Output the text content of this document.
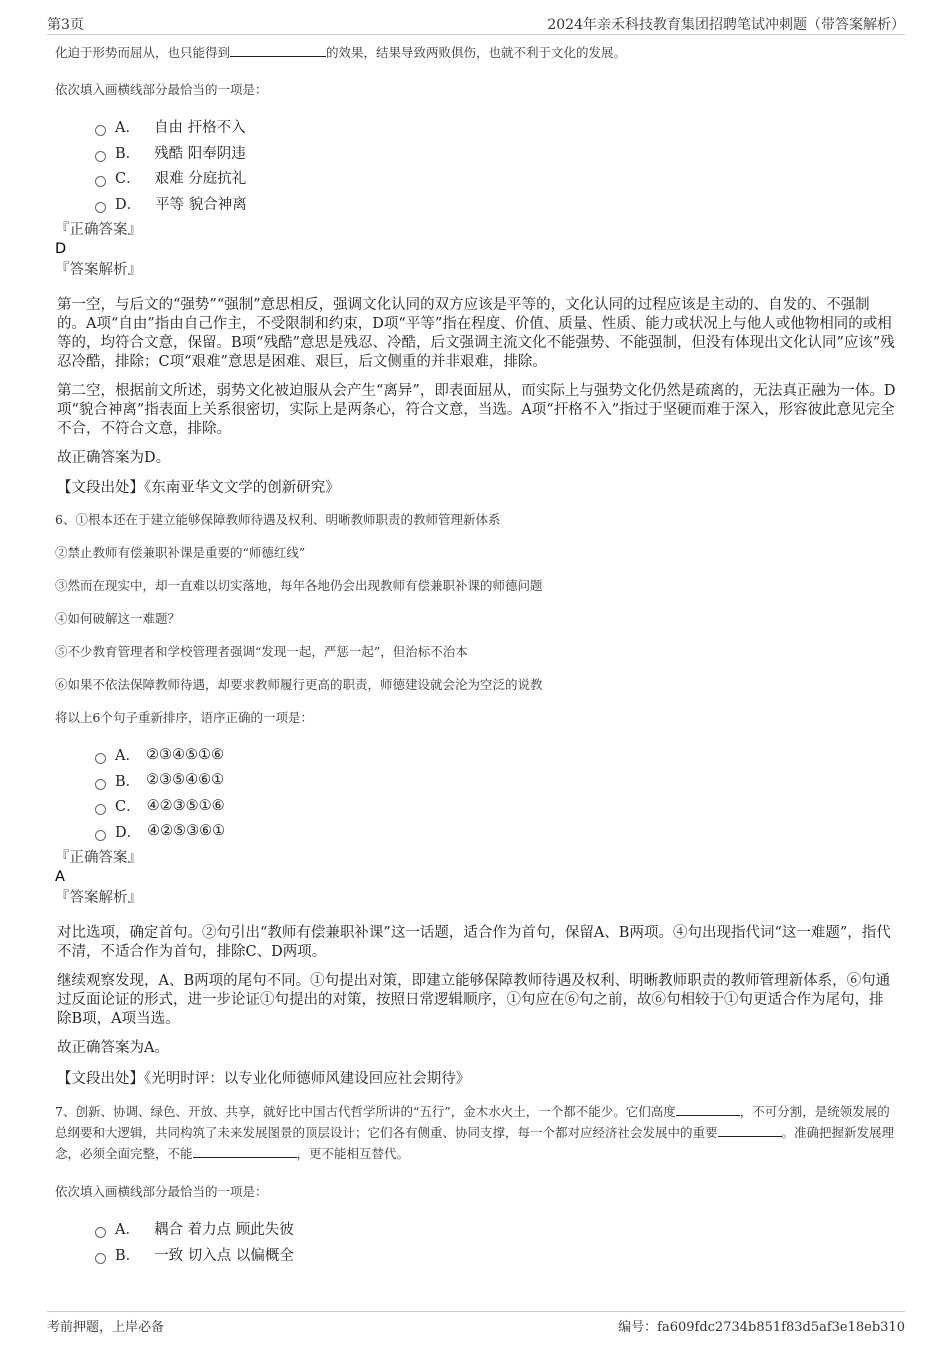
第3页	2024年亲禾科技教育集团招聘笔试冲刺题（带答案解析）
化迫于形势而屈从，也只能得到	的效果，结果导致两败俱伤，也就不利于文化的发展。
依次填入画横线部分最恰当的一项是：
A． 自由 扞格不入
B． 残酷 阳奉阴违
C． 艰难 分庭抗礼
D． 平等 貌合神离
『正确答案』
D
『答案解析』
第一空，与后文的“强势”“强制”意思相反，强调文化认同的双方应该是平等的，文化认同的过程应该是主动的、自发的、不强制的。A项“自由”指由自己作主，不受限制和约束，D项“平等”指在程度、价值、质量、性质、能力或状况上与他人或他物相同的或相等的，均符合文意，保留。B项“残酷”意思是残忍、冷酷，后文强调主流文化不能强势、不能强制，但没有体现出文化认同”应该”残忍冷酷，排除；C项“艰难”意思是困难、艰巨，后文侧重的并非艰难，排除。
第二空，根据前文所述，弱势文化被迫服从会产生“离异”，即表面屈从，而实际上与强势文化仍然是疏离的，无法真正融为一体。D项“貌合神离”指表面上关系很密切，实际上是两条心，符合文意，当选。A项“扞格不入”指过于坚硬而难于深入，形容彼此意见完全不合，不符合文意，排除。
故正确答案为D。
【文段出处】《东南亚华文文学的创新研究》
6、①根本还在于建立能够保障教师待遇及权利、明晰教师职责的教师管理新体系
②禁止教师有偿兼职补课是重要的“师德红线”
③然而在现实中，却一直难以切实落地，每年各地仍会出现教师有偿兼职补课的师德问题
④如何破解这一难题？
⑤不少教育管理者和学校管理者强调“发现一起，严惩一起”，但治标不治本
⑥如果不依法保障教师待遇，却要求教师履行更高的职责，师德建设就会沦为空泛的说教
将以上6个句子重新排序，语序正确的一项是：
A． ②③④⑤①⑥
B． ②③⑤④⑥①
C． ④②③⑤①⑥
D． ④②⑤③⑥①
『正确答案』
A
『答案解析』
对比选项，确定首句。②句引出“教师有偿兼职补课”这一话题，适合作为首句，保留A、B两项。④句出现指代词“这一难题”，指代不清，不适合作为首句，排除C、D两项。
继续观察发现，A、B两项的尾句不同。①句提出对策，即建立能够保障教师待遇及权利、明晰教师职责的教师管理新体系，⑥句通过反面论证的形式，进一步论证①句提出的对策，按照日常逻辑顺序，①句应在⑥句之前，故⑥句相较于①句更适合作为尾句，排除B项，A项当选。
故正确答案为A。
【文段出处】《光明时评：以专业化师德师风建设回应社会期待》
7、创新、协调、绿色、开放、共享，就好比中国古代哲学所讲的“五行”，金木水火土，一个都不能少。它们高度	，不可分割，是统领发展的总纲要和大逻辑，共同构筑了未来发展图景的顶层设计；它们各有侧重、协同支撑，每一个都对应经济社会发展中的重要	。准确把握新发展理念，必须全面完整，不能	，更不能相互替代。
依次填入画横线部分最恰当的一项是：
A． 耦合 着力点 顾此失彼
B． 一致 切入点 以偏概全
考前押题，上岸必备	编号：fa609fdc2734b851f83d5af3e18eb310
